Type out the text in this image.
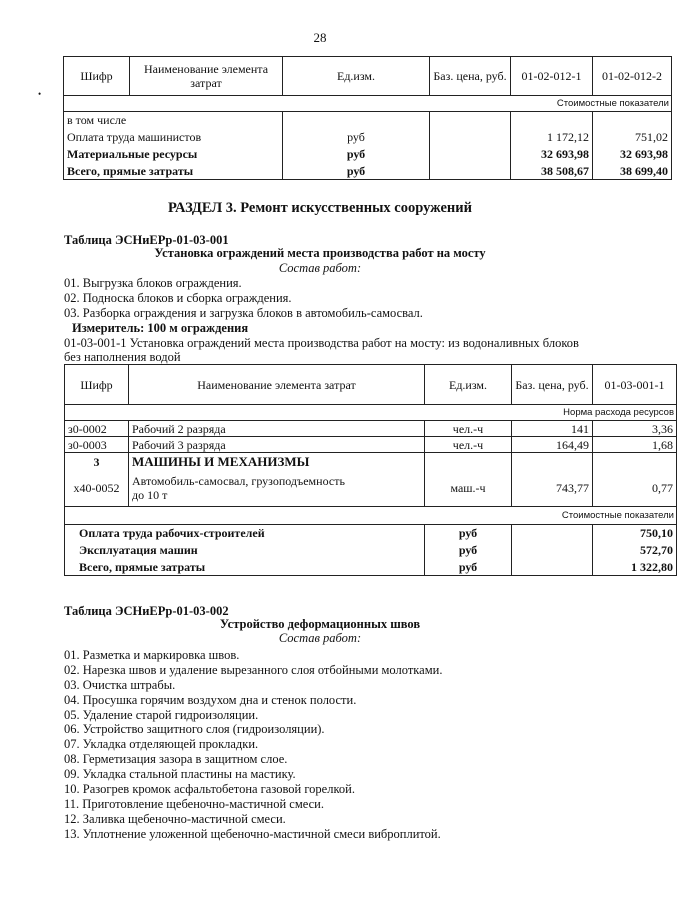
28
•
Шифр	Наименование элемента затрат	Ед.изм.	Баз. цена, руб.	01-02-012-1	01-02-012-2
Стоимостные показатели					
в том числе					
Оплата труда машинистов		руб		1 172,12	751,02
Материальные ресурсы		руб		32 693,98	32 693,98
Всего, прямые затраты		руб		38 508,67	38 699,40
РАЗДЕЛ 3. Ремонт искусственных сооружений
Таблица ЭСНиЕРр-01-03-001
Установка ограждений места производства работ на мосту
Состав работ:
01. Выгрузка блоков ограждения.
02. Подноска блоков и сборка ограждения.
03. Разборка ограждения и загрузка блоков в автомобиль-самосвал.
Измеритель: 100 м ограждения
01-03-001-1 Установка ограждений места производства работ на мосту: из водоналивных блоков
без наполнения водой
Шифр	Наименование элемента затрат	Ед.изм.	Баз. цена, руб.	01-03-001-1
Норма расхода ресурсов				
з0-0002	Рабочий 2 разряда	чел.-ч	141	3,36
з0-0003	Рабочий 3 разряда	чел.-ч	164,49	1,68
3	МАШИНЫ И МЕХАНИЗМЫ			
х40-0052	Автомобиль-самосвал, грузоподъемность
до 10 т	маш.-ч	743,77	0,77
Стоимостные показатели				
Оплата труда рабочих-строителей		руб		750,10
Эксплуатация машин		руб		572,70
Всего, прямые затраты		руб		1 322,80
Таблица ЭСНиЕРр-01-03-002
Устройство деформационных швов
Состав работ:
01. Разметка и маркировка швов.
02. Нарезка швов и удаление вырезанного слоя отбойными молотками.
03. Очистка штрабы.
04. Просушка горячим воздухом дна и стенок полости.
05. Удаление старой гидроизоляции.
06. Устройство защитного слоя (гидроизоляции).
07. Укладка отделяющей прокладки.
08. Герметизация зазора в защитном слое.
09. Укладка стальной пластины на мастику.
10. Разогрев кромок асфальтобетона газовой горелкой.
11. Приготовление щебеночно-мастичной смеси.
12. Заливка щебеночно-мастичной смеси.
13. Уплотнение уложенной щебеночно-мастичной смеси виброплитой.
